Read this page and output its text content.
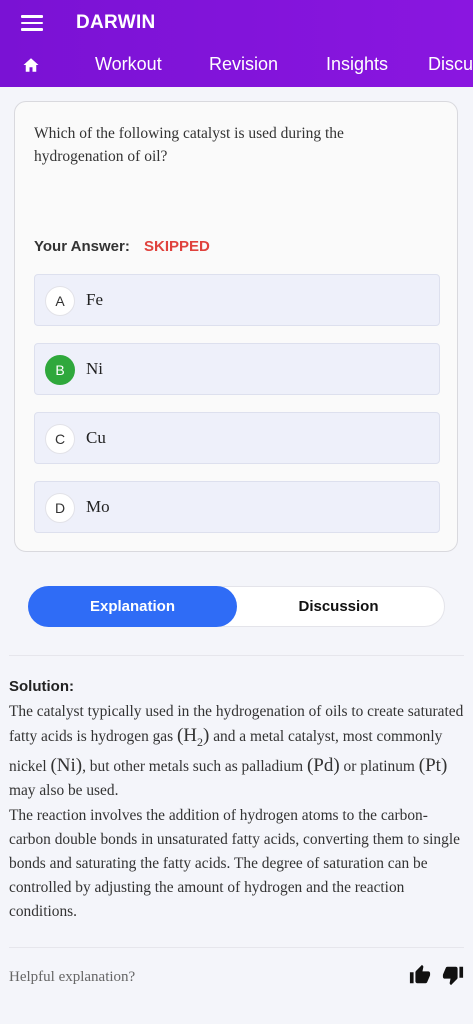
DARWIN
Workout	Revision	Insights Discu
Which of the following catalyst is used during the hydrogenation of oil?
Your Answer: SKIPPED
A	Fe
B	Ni
C	Cu
D	Mo
Explanation	Discussion
Solution:

The catalyst typically used in the hydrogenation of oils to create saturated fatty acids is hydrogen gas $(H_2)$ and a metal catalyst, most commonly nickel (Ni), but other metals such as palladium (Pd) or platinum (Pt) may also be used.

The reaction involves the addition of hydrogen atoms to the carbon-carbon double bonds in unsaturated fatty acids, converting them to single bonds and saturating the fatty acids. The degree of saturation can be controlled by adjusting the amount of hydrogen and the reaction conditions.

Helpful explanation?
